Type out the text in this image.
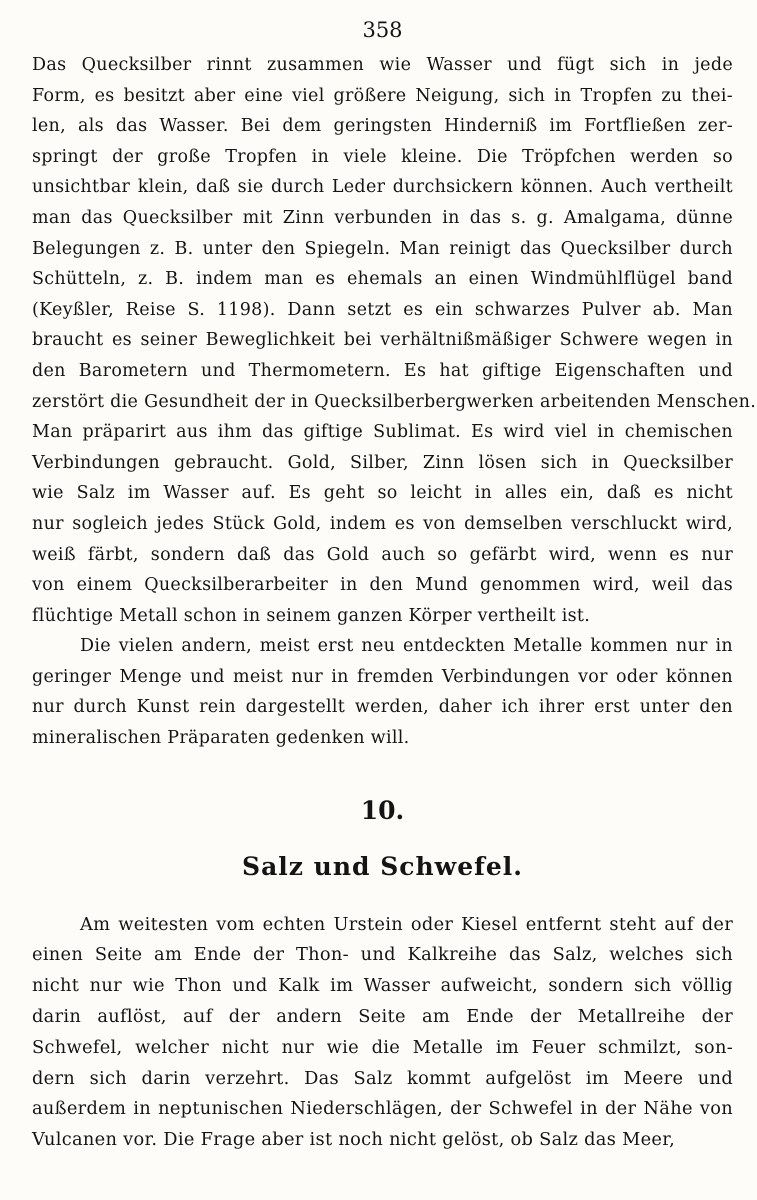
358
Das Quecksilber rinnt zusammen wie Wasser und fügt sich in jede
Form, es besitzt aber eine viel größere Neigung, sich in Tropfen zu thei-
len, als das Wasser. Bei dem geringsten Hinderniß im Fortfließen zer-
springt der große Tropfen in viele kleine. Die Tröpfchen werden so
unsichtbar klein, daß sie durch Leder durchsickern können. Auch vertheilt
man das Quecksilber mit Zinn verbunden in das s. g. Amalgama, dünne
Belegungen z. B. unter den Spiegeln. Man reinigt das Quecksilber durch
Schütteln, z. B. indem man es ehemals an einen Windmühlflügel band
(Keyßler, Reise S. 1198). Dann setzt es ein schwarzes Pulver ab. Man
braucht es seiner Beweglichkeit bei verhältnißmäßiger Schwere wegen in
den Barometern und Thermometern. Es hat giftige Eigenschaften und
zerstört die Gesundheit der in Quecksilberbergwerken arbeitenden Menschen.
Man präparirt aus ihm das giftige Sublimat. Es wird viel in chemischen
Verbindungen gebraucht. Gold, Silber, Zinn lösen sich in Quecksilber
wie Salz im Wasser auf. Es geht so leicht in alles ein, daß es nicht
nur sogleich jedes Stück Gold, indem es von demselben verschluckt wird,
weiß färbt, sondern daß das Gold auch so gefärbt wird, wenn es nur
von einem Quecksilberarbeiter in den Mund genommen wird, weil das
flüchtige Metall schon in seinem ganzen Körper vertheilt ist.
Die vielen andern, meist erst neu entdeckten Metalle kommen nur in
geringer Menge und meist nur in fremden Verbindungen vor oder können
nur durch Kunst rein dargestellt werden, daher ich ihrer erst unter den
mineralischen Präparaten gedenken will.
10.
Salz und Schwefel.
Am weitesten vom echten Urstein oder Kiesel entfernt steht auf der
einen Seite am Ende der Thon- und Kalkreihe das Salz, welches sich
nicht nur wie Thon und Kalk im Wasser aufweicht, sondern sich völlig
darin auflöst, auf der andern Seite am Ende der Metallreihe der
Schwefel, welcher nicht nur wie die Metalle im Feuer schmilzt, son-
dern sich darin verzehrt. Das Salz kommt aufgelöst im Meere und
außerdem in neptunischen Niederschlägen, der Schwefel in der Nähe von
Vulcanen vor. Die Frage aber ist noch nicht gelöst, ob Salz das Meer,
